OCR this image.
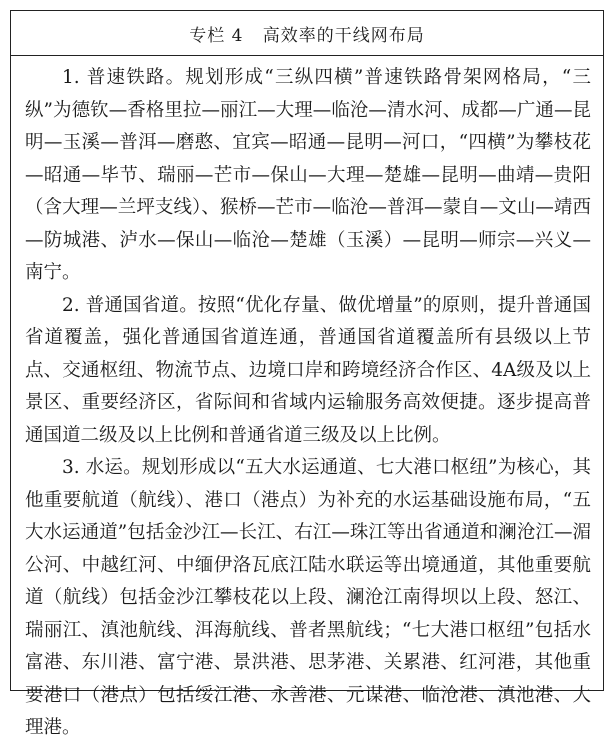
专栏 4   高效率的干线网布局

1. 普速铁路。规划形成“三纵四横”普速铁路骨架网格局，“三纵”为德钦—香格里拉—丽江—大理—临沧—清水河、成都—广通—昆明—玉溪—普洱—磨憨、宜宾—昭通—昆明—河口，“四横”为攀枝花—昭通—毕节、瑞丽—芒市—保山—大理—楚雄—昆明—曲靖—贵阳（含大理—兰坪支线）、猴桥—芒市—临沧—普洱—蒙自—文山—靖西—防城港、泸水—保山—临沧—楚雄（玉溪）—昆明—师宗—兴义—南宁。

2. 普通国省道。按照“优化存量、做优增量”的原则，提升普通国省道覆盖，强化普通国省道连通，普通国省道覆盖所有县级以上节点、交通枢纽、物流节点、边境口岸和跨境经济合作区、4A级及以上景区、重要经济区，省际间和省域内运输服务高效便捷。逐步提高普通国道二级及以上比例和普通省道三级及以上比例。

3. 水运。规划形成以“五大水运通道、七大港口枢纽”为核心，其他重要航道（航线）、港口（港点）为补充的水运基础设施布局，“五大水运通道”包括金沙江—长江、右江—珠江等出省通道和澜沧江—湄公河、中越红河、中缅伊洛瓦底江陆水联运等出境通道，其他重要航道（航线）包括金沙江攀枝花以上段、澜沧江南得坝以上段、怒江、瑞丽江、滇池航线、洱海航线、普者黑航线；“七大港口枢纽”包括水富港、东川港、富宁港、景洪港、思茅港、关累港、红河港，其他重要港口（港点）包括绥江港、永善港、元谋港、临沧港、滇池港、大理港。
